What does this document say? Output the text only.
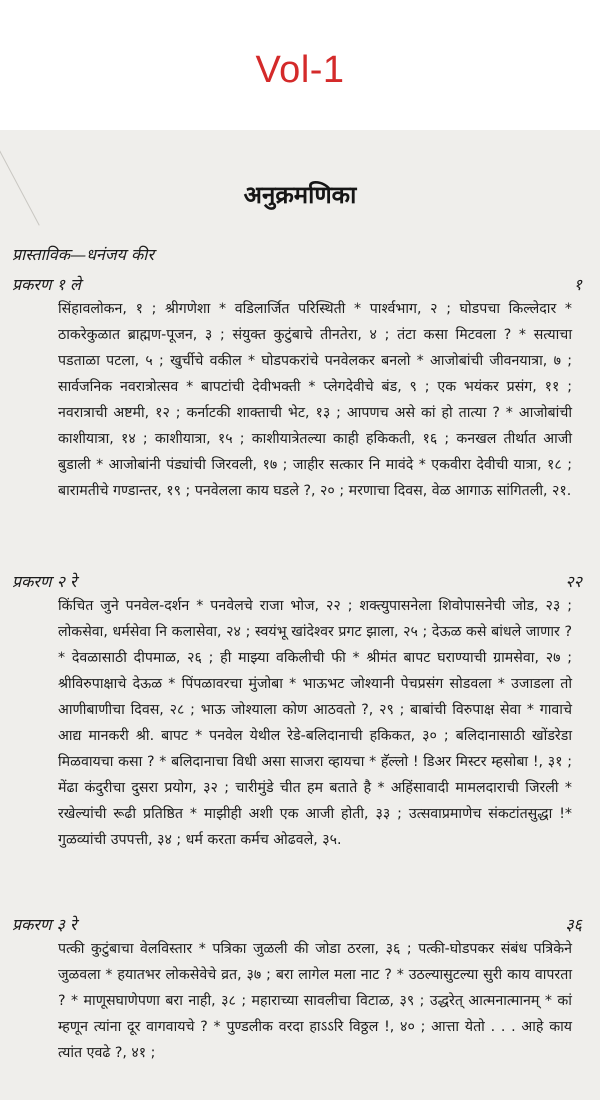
Vol-1
अनुक्रमणिका
प्रास्ताविक—धनंजय कीर
प्रकरण १ ले	१
सिंहावलोकन, १ ; श्रीगणेशा * वडिलार्जित परिस्थिती * पार्श्वभाग, २ ; घोडपचा किल्लेदार * ठाकरेकुळात ब्राह्मण-पूजन, ३ ; संयुक्त कुटुंबाचे तीनतेरा, ४ ; तंटा कसा मिटवला ? * सत्याचा पडताळा पटला, ५ ; खुर्चीचे वकील * घोडपकरांचे पनवेलकर बनलो * आजोबांची जीवनयात्रा, ७ ; सार्वजनिक नवरात्रोत्सव * बापटांची देवीभक्ती * प्लेगदेवीचे बंड, ९ ; एक भयंकर प्रसंग, ११ ; नवरात्राची अष्टमी, १२ ; कर्नाटकी शाक्ताची भेट, १३ ; आपणच असे कां हो तात्या ? * आजोबांची काशीयात्रा, १४ ; काशीयात्रा, १५ ; काशीयात्रेतल्या काही हकिकती, १६ ; कनखल तीर्थात आजी बुडाली * आजोबांनी पंड्यांची जिरवली, १७ ; जाहीर सत्कार नि मावंदे * एकवीरा देवीची यात्रा, १८ ; बारामतीचे गण्डान्तर, १९ ; पनवेलला काय घडले ?, २० ; मरणाचा दिवस, वेळ आगाऊ सांगितली, २१.
प्रकरण २ रे	२२
किंचित जुने पनवेल-दर्शन * पनवेलचे राजा भोज, २२ ; शक्त्युपासनेला शिवोपासनेची जोड, २३ ; लोकसेवा, धर्मसेवा नि कलासेवा, २४ ; स्वयंभू खांदेश्वर प्रगट झाला, २५ ; देऊळ कसे बांधले जाणार ? * देवळासाठी दीपमाळ, २६ ; ही माझ्या वकिलीची फी * श्रीमंत बापट घराण्याची ग्रामसेवा, २७ ; श्रीविरुपाक्षाचे देऊळ * पिंपळावरचा मुंजोबा * भाऊभट जोश्यानी पेचप्रसंग सोडवला * उजाडला तो आणीबाणीचा दिवस, २८ ; भाऊ जोश्याला कोण आठवतो ?, २९ ; बाबांची विरुपाक्ष सेवा * गावाचे आद्य मानकरी श्री. बापट * पनवेल येथील रेडे-बलिदानाची हकिकत, ३० ; बलिदानासाठी खोंडरेडा मिळवायचा कसा ? * बलिदानाचा विधी असा साजरा व्हायचा * हॅल्लो ! डिअर मिस्टर म्हसोबा !, ३१ ; मेंढा कंदुरीचा दुसरा प्रयोग, ३२ ; चारीमुंडे चीत हम बताते है * अहिंसावादी मामलदाराची जिरली * रखेल्यांची रूढी प्रतिष्ठित * माझीही अशी एक आजी होती, ३३ ; उत्सवाप्रमाणेच संकटांतसुद्धा !* गुळव्यांची उपपत्ती, ३४ ; धर्म करता कर्मच ओढवले, ३५.
प्रकरण ३ रे	३६
पत्की कुटुंबाचा वेलविस्तार * पत्रिका जुळली की जोडा ठरला, ३६ ; पत्की-घोडपकर संबंध पत्रिकेने जुळवला * हयातभर लोकसेवेचे व्रत, ३७ ; बरा लागेल मला नाट ? * उठल्यासुटल्या सुरी काय वापरता ? * माणूसघाणेपणा बरा नाही, ३८ ; महाराच्या सावलीचा विटाळ, ३९ ; उद्धरेत् आत्मनात्मानम् * कां म्हणून त्यांना दूर वागवायचे ? * पुण्डलीक वरदा हाऽऽरि विठ्ठल !, ४० ; आत्ता येतो . . . आहे काय त्यांत एवढे ?, ४१ ;
